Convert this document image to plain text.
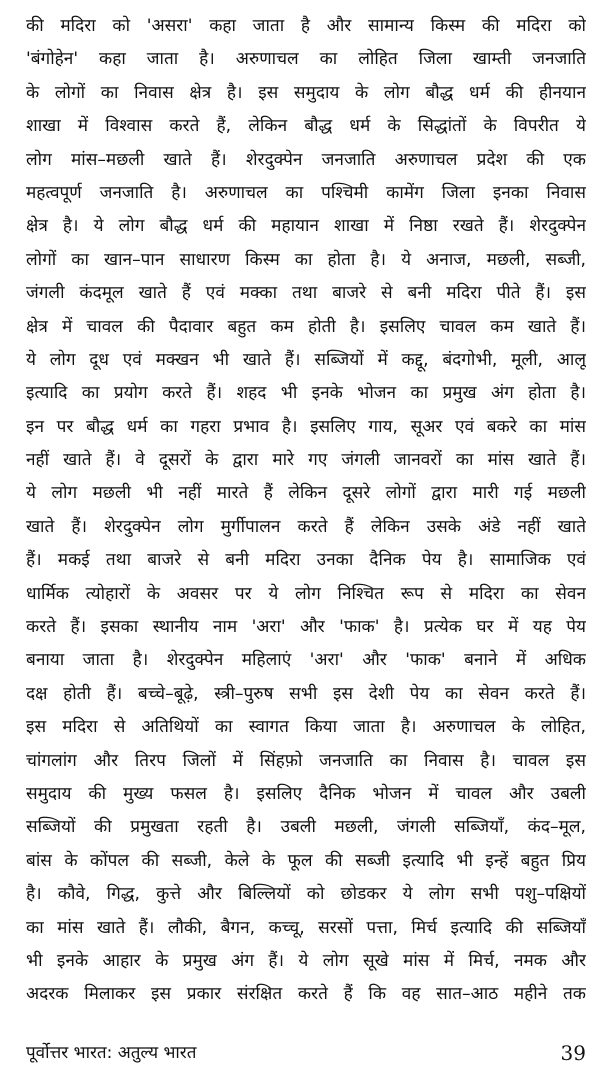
की मदिरा को 'असरा' कहा जाता है और सामान्य किस्म की मदिरा को
'बंगोहेन' कहा जाता है। अरुणाचल का लोहित जिला खाम्ती जनजाति
के लोगों का निवास क्षेत्र है। इस समुदाय के लोग बौद्ध धर्म की हीनयान
शाखा में विश्वास करते हैं, लेकिन बौद्ध धर्म के सिद्धांतों के विपरीत ये
लोग मांस–मछली खाते हैं। शेरदुक्पेन जनजाति अरुणाचल प्रदेश की एक
महत्वपूर्ण जनजाति है। अरुणाचल का पश्चिमी कामेंग जिला इनका निवास
क्षेत्र है। ये लोग बौद्ध धर्म की महायान शाखा में निष्ठा रखते हैं। शेरदुक्पेन
लोगों का खान–पान साधारण किस्म का होता है। ये अनाज, मछली, सब्जी,
जंगली कंदमूल खाते हैं एवं मक्का तथा बाजरे से बनी मदिरा पीते हैं। इस
क्षेत्र में चावल की पैदावार बहुत कम होती है। इसलिए चावल कम खाते हैं।
ये लोग दूध एवं मक्खन भी खाते हैं। सब्जियों में कद्दू, बंदगोभी, मूली, आलू
इत्यादि का प्रयोग करते हैं। शहद भी इनके भोजन का प्रमुख अंग होता है।
इन पर बौद्ध धर्म का गहरा प्रभाव है। इसलिए गाय, सूअर एवं बकरे का मांस
नहीं खाते हैं। वे दूसरों के द्वारा मारे गए जंगली जानवरों का मांस खाते हैं।
ये लोग मछली भी नहीं मारते हैं लेकिन दूसरे लोगों द्वारा मारी गई मछली
खाते हैं। शेरदुक्पेन लोग मुर्गीपालन करते हैं लेकिन उसके अंडे नहीं खाते
हैं। मकई तथा बाजरे से बनी मदिरा उनका दैनिक पेय है। सामाजिक एवं
धार्मिक त्योहारों के अवसर पर ये लोग निश्चित रूप से मदिरा का सेवन
करते हैं। इसका स्थानीय नाम 'अरा' और 'फाक' है। प्रत्येक घर में यह पेय
बनाया जाता है। शेरदुक्पेन महिलाएं 'अरा' और 'फाक' बनाने में अधिक
दक्ष होती हैं। बच्चे–बूढ़े, स्त्री–पुरुष सभी इस देशी पेय का सेवन करते हैं।
इस मदिरा से अतिथियों का स्वागत किया जाता है। अरुणाचल के लोहित,
चांगलांग और तिरप जिलों में सिंहफ़ो जनजाति का निवास है। चावल इस
समुदाय की मुख्य फसल है। इसलिए दैनिक भोजन में चावल और उबली
सब्जियों की प्रमुखता रहती है। उबली मछली, जंगली सब्जियाँ, कंद–मूल,
बांस के कोंपल की सब्जी, केले के फूल की सब्जी इत्यादि भी इन्हें बहुत प्रिय
है। कौवे, गिद्ध, कुत्ते और बिल्लियों को छोडकर ये लोग सभी पशु–पक्षियों
का मांस खाते हैं। लौकी, बैगन, कच्चू, सरसों पत्ता, मिर्च इत्यादि की सब्जियाँ
भी इनके आहार के प्रमुख अंग हैं। ये लोग सूखे मांस में मिर्च, नमक और
अदरक मिलाकर इस प्रकार संरक्षित करते हैं कि वह सात–आठ महीने तक
पूर्वोत्तर भारत: अतुल्य भारत	39
